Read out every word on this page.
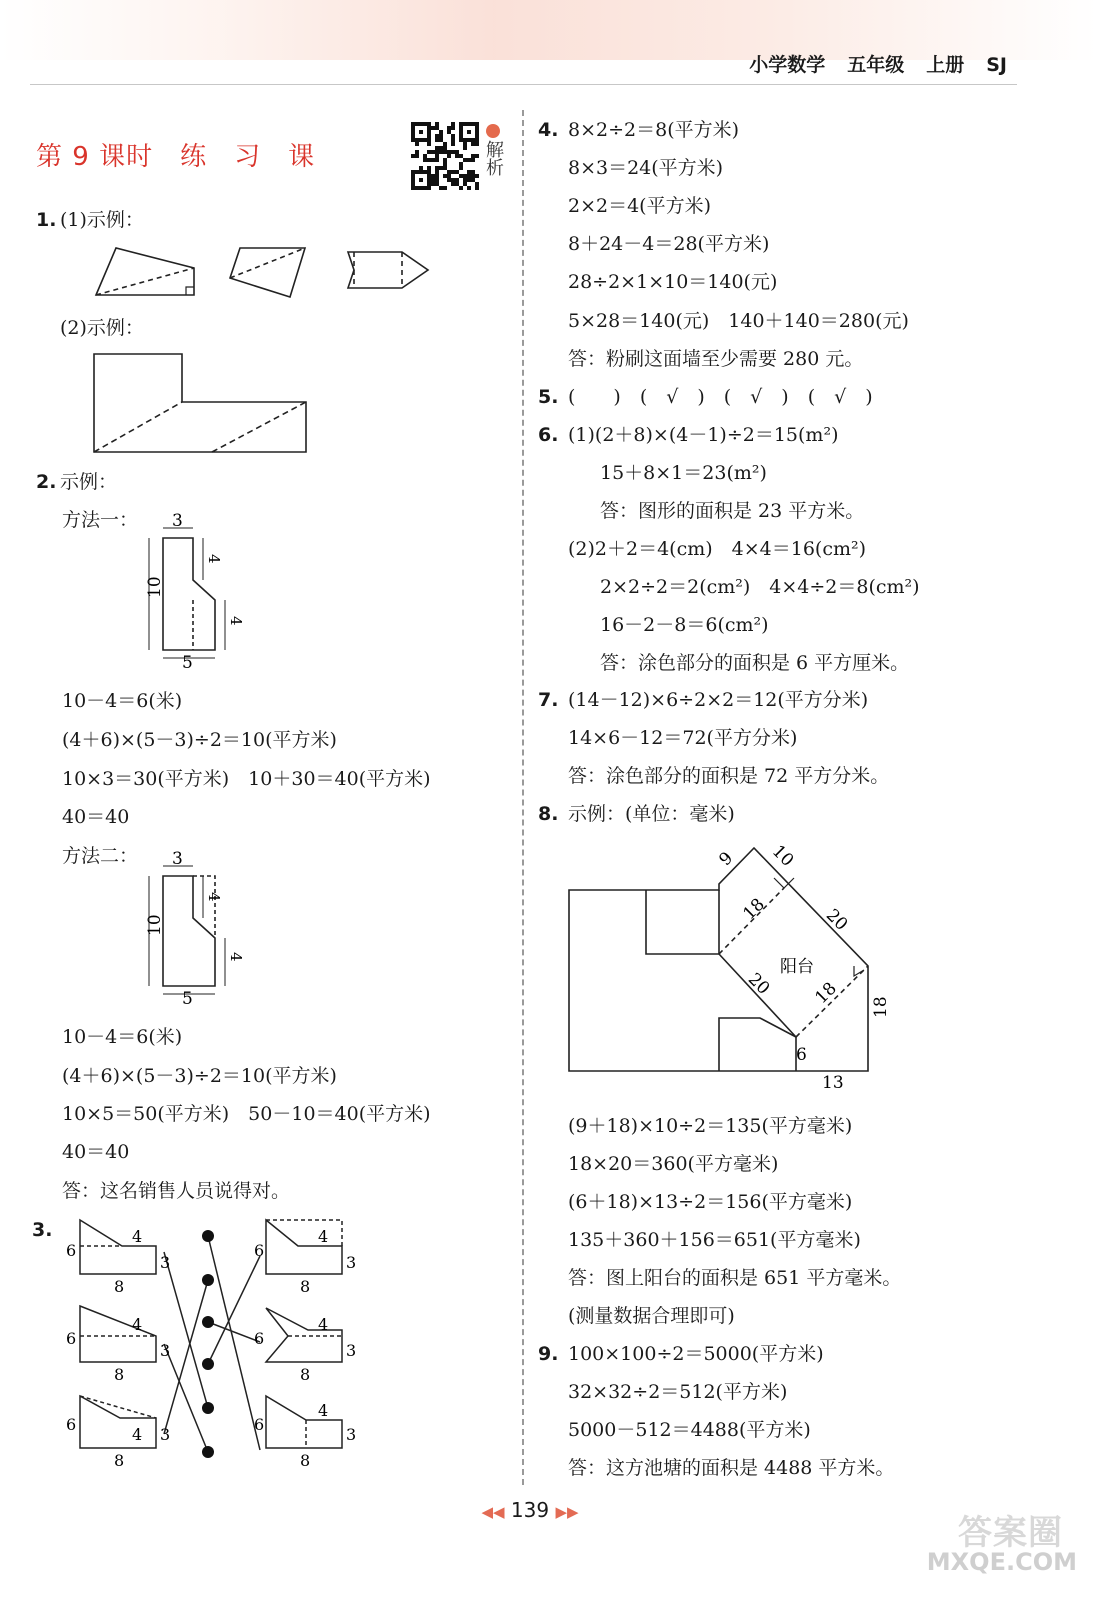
小学数学 五年级 上册 SJ
第 9 课时　练　习　课	解析
1. (1)示例：
(2)示例：
2. 示例：
方法一： 3
10
4
4
5
10－4＝6(米)
(4＋6)×(5－3)÷2＝10(平方米)
10×3＝30(平方米)　10＋30＝40(平方米)
40＝40
方法二： 3
10
4
4
5
10－4＝6(米)
(4＋6)×(5－3)÷2＝10(平方米)
10×5＝50(平方米)　50－10＝40(平方米)
40＝40
答：这名销售人员说得对。
3.
6
4
3
8
6
4
3
8
6
4 3
8
6
4
3
8
6
4
3
8
6
4
3
8
4. 8×2÷2＝8(平方米)
8×3＝24(平方米)
2×2＝4(平方米)
8＋24－4＝28(平方米)
28÷2×1×10＝140(元)
5×28＝140(元)　140＋140＝280(元)
答：粉刷这面墙至少需要 280 元。
5. (　　)　(　√　)　(　√　)　(　√　)
6. (1)(2＋8)×(4－1)÷2＝15(m²)
15＋8×1＝23(m²)
答：图形的面积是 23 平方米。
(2)2＋2＝4(cm)　4×4＝16(cm²)
2×2÷2＝2(cm²)　4×4÷2＝8(cm²)
16－2－8＝6(cm²)
答：涂色部分的面积是 6 平方厘米。
7. (14－12)×6÷2×2＝12(平方分米)
14×6－12＝72(平方分米)
答：涂色部分的面积是 72 平方分米。
8. 示例：(单位：毫米)
9 10
20
18
20 18 18
6
13
阳台
(9＋18)×10÷2＝135(平方毫米)
18×20＝360(平方毫米)
(6＋18)×13÷2＝156(平方毫米)
135＋360＋156＝651(平方毫米)
答：图上阳台的面积是 651 平方毫米。
(测量数据合理即可)
9. 100×100÷2＝5000(平方米)
32×32÷2＝512(平方米)
5000－512＝4488(平方米)
答：这方池塘的面积是 4488 平方米。
◀◀ 139 ▶▶
答案圈
MXQE.COM
